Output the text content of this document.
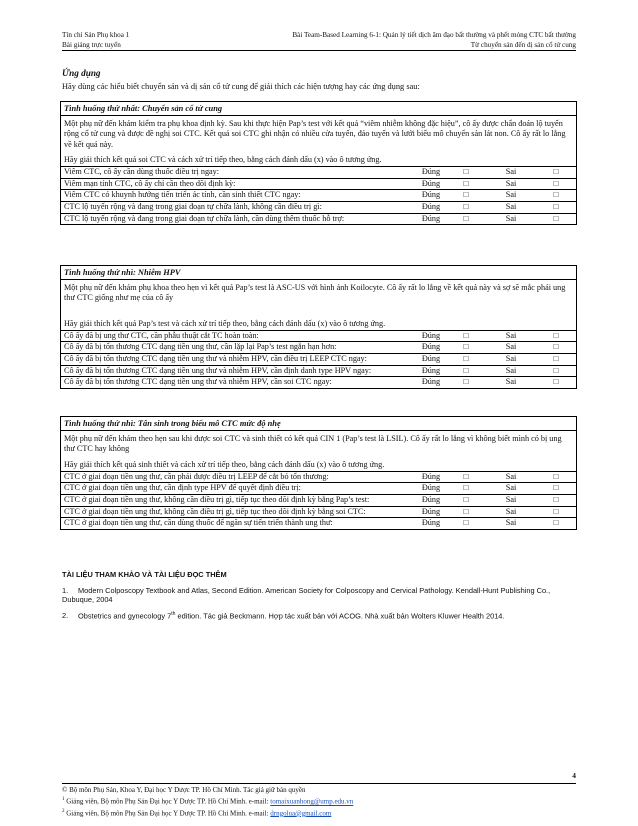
Tín chỉ Sản Phụ khoa 1	Bài Team-Based Learning 6-1: Quản lý tiết dịch âm đạo bất thường và phết mỏng CTC bất thường
Bài giảng trực tuyến	Từ chuyển sản đến dị sản cổ tử cung
Ứng dụng
Hãy dùng các hiểu biết chuyển sản và dị sản cổ tử cung để giải thích các hiện tượng hay các ứng dụng sau:
Tình huống thứ nhất: Chuyển sản cổ tử cung
Một phụ nữ đến khám kiểm tra phụ khoa định kỳ. Sau khi thực hiện Pap’s test với kết quả “viêm nhiễm không đặc hiệu”, cô ấy được chẩn đoán lộ tuyến rộng cổ tử cung và được đề nghị soi CTC. Kết quả soi CTC ghi nhận có nhiều cửa tuyến, đảo tuyến và lưới biểu mô chuyển sản lát non. Cô ấy rất lo lắng về kết quả này.
Hãy giải thích kết quả soi CTC và cách xử trí tiếp theo, bằng cách đánh dấu (x) vào ô tương ứng.
Viêm CTC, cô ấy cần dùng thuốc điều trị ngay:	Đúng	□	Sai	□
Viêm mạn tính CTC, cô ấy chỉ cần theo dõi định kỳ:	Đúng	□	Sai	□
Viêm CTC có khuynh hướng tiến triển ác tính, cần sinh thiết CTC ngay:	Đúng	□	Sai	□
CTC lộ tuyến rộng và đang trong giai đoạn tự chữa lành, không cần điều trị gì:	Đúng	□	Sai	□
CTC lộ tuyến rộng và đang trong giai đoạn tự chữa lành, cần dùng thêm thuốc hỗ trợ:	Đúng	□	Sai	□
Tình huống thứ nhì: Nhiễm HPV
Một phụ nữ đến khám phụ khoa theo hẹn vì kết quả Pap’s test là ASC-US với hình ảnh Koilocyte. Cô ấy rất lo lắng về kết quả này và sợ sẽ mắc phải ung thư CTC giống như mẹ của cô ấy
Hãy giải thích kết quả Pap’s test và cách xử trí tiếp theo, bằng cách đánh dấu (x) vào ô tương ứng.
Cô ấy đã bị ung thư CTC, cần phẫu thuật cắt TC hoàn toàn:	Đúng	□	Sai	□
Cô ấy đã bị tổn thương CTC dạng tiền ung thư, cần lặp lại Pap’s test ngắn hạn hơn:	Đúng	□	Sai	□
Cô ấy đã bị tổn thương CTC dạng tiền ung thư và nhiễm HPV, cần điều trị LEEP CTC ngay:	Đúng	□	Sai	□
Cô ấy đã bị tổn thương CTC dạng tiền ung thư và nhiễm HPV, cần định danh type HPV ngay:	Đúng	□	Sai	□
Cô ấy đã bị tổn thương CTC dạng tiền ung thư và nhiễm HPV, cần soi CTC ngay:	Đúng	□	Sai	□
Tình huống thứ nhì: Tân sinh trong biểu mô CTC mức độ nhẹ
Một phụ nữ đến khám theo hẹn sau khi được soi CTC và sinh thiết có kết quả CIN 1 (Pap’s test là LSIL). Cô ấy rất lo lắng vì không biết mình có bị ung thư CTC hay không
Hãy giải thích kết quả sinh thiết và cách xử trí tiếp theo, bằng cách đánh dấu (x) vào ô tương ứng.
CTC ở giai đoạn tiền ung thư, cần phải được điều trị LEEP để cắt bỏ tổn thương:	Đúng	□	Sai	□
CTC ở giai đoạn tiền ung thư, cần định type HPV để quyết định điều trị:	Đúng	□	Sai	□
CTC ở giai đoạn tiền ung thư, không cần điều trị gì, tiếp tục theo dõi định kỳ bằng Pap’s test:	Đúng	□	Sai	□
CTC ở giai đoạn tiền ung thư, không cần điều trị gì, tiếp tục theo dõi định kỳ bằng soi CTC:	Đúng	□	Sai	□
CTC ở giai đoạn tiền ung thư, cần dùng thuốc để ngăn sự tiến triển thành ung thư:	Đúng	□	Sai	□
TÀI LIỆU THAM KHẢO VÀ TÀI LIỆU ĐỌC THÊM
1. Modern Colposcopy Textbook and Atlas, Second Edition. American Society for Colposcopy and Cervical Pathology. Kendall-Hunt Publishing Co., Dubuque, 2004
2. Obstetrics and gynecology 7th edition. Tác giả Beckmann. Hợp tác xuất bản với ACOG. Nhà xuất bản Wolters Kluwer Health 2014.
4
© Bộ môn Phụ Sản, Khoa Y, Đại học Y Dược TP. Hồ Chí Minh. Tác giả giữ bản quyền
$^1$ Giảng viên, Bộ môn Phụ Sản Đại học Y Dược TP. Hồ Chí Minh. e-mail: tomaixuanhong@ump.edu.vn
$^2$ Giảng viên, Bộ môn Phụ Sản Đại học Y Dược TP. Hồ Chí Minh. e-mail: drngolua@gmail.com
